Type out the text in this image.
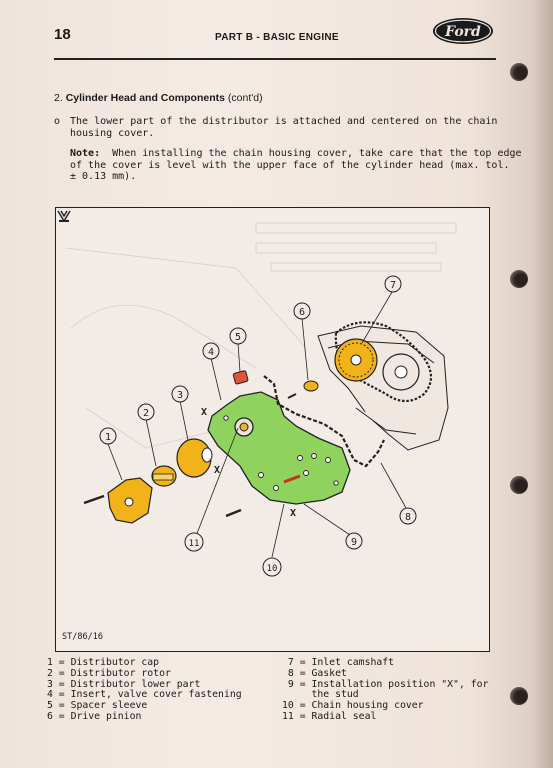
18	PART B - BASIC ENGINE	Ford
2. Cylinder Head and Components (cont'd)
o The lower part of the distributor is attached and centered on the chain
housing cover.
Note: When installing the chain housing cover, take care that the top edge
of the cover is level with the upper face of the cylinder head (max. tol.
± 0.13 mm).
X
X
X
1
2
3
4
5
6
7
8
9
10
11
ST/86/16
1 = Distributor cap
2 = Distributor rotor
3 = Distributor lower part
4 = Insert, valve cover fastening
5 = Spacer sleeve
6 = Drive pinion
7 = Inlet camshaft
8 = Gasket
9 = Installation position "X", for
the stud
10 = Chain housing cover
11 = Radial seal
